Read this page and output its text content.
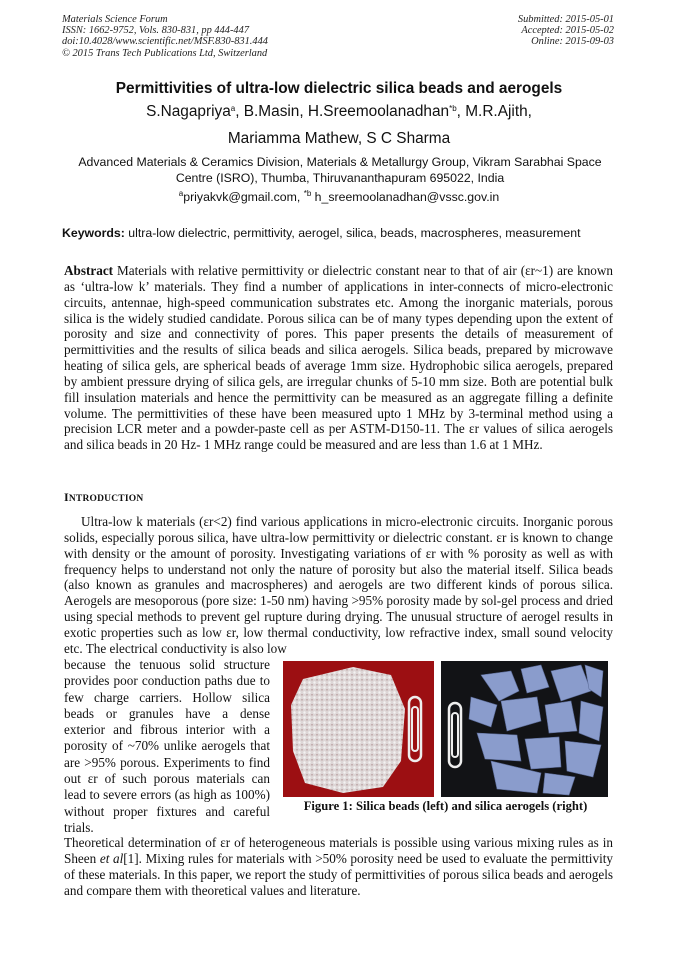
Materials Science Forum
ISSN: 1662-9752, Vols. 830-831, pp 444-447
doi:10.4028/www.scientific.net/MSF.830-831.444
© 2015 Trans Tech Publications Ltd, Switzerland
Submitted: 2015-05-01
Accepted: 2015-05-02
Online: 2015-09-03
Permittivities of ultra-low dielectric silica beads and aerogels
S.Nagapriya$^a$, B.Masin, H.Sreemoolanadhan$^{*b}$, M.R.Ajith,
Mariamma Mathew, S C Sharma
Advanced Materials & Ceramics Division, Materials & Metallurgy Group, Vikram Sarabhai Space Centre (ISRO), Thumba, Thiruvananthapuram 695022, India
$^a$priyakvk@gmail.com, $^{*b}$ h_sreemoolanadhan@vssc.gov.in
Keywords: ultra-low dielectric, permittivity, aerogel, silica, beads, macrospheres, measurement
Abstract Materials with relative permittivity or dielectric constant near to that of air (εr~1) are known as ‘ultra-low k’ materials. They find a number of applications in inter-connects of micro-electronic circuits, antennae, high-speed communication substrates etc. Among the inorganic materials, porous silica is the widely studied candidate. Porous silica can be of many types depending upon the extent of porosity and size and connectivity of pores. This paper presents the details of measurement of permittivities and the results of silica beads and silica aerogels. Silica beads, prepared by microwave heating of silica gels, are spherical beads of average 1mm size. Hydrophobic silica aerogels, prepared by ambient pressure drying of silica gels, are irregular chunks of 5-10 mm size. Both are potential bulk fill insulation materials and hence the permittivity can be measured as an aggregate filling a definite volume. The permittivities of these have been measured upto 1 MHz by 3-terminal method using a precision LCR meter and a powder-paste cell as per ASTM-D150-11. The εr values of silica aerogels and silica beads in 20 Hz- 1 MHz range could be measured and are less than 1.6 at 1 MHz.
INTRODUCTION
Ultra-low k materials (εr<2) find various applications in micro-electronic circuits. Inorganic porous solids, especially porous silica, have ultra-low permittivity or dielectric constant. εr is known to change with density or the amount of porosity. Investigating variations of εr with % porosity as well as with frequency helps to understand not only the nature of porosity but also the material itself. Silica beads (also known as granules and macrospheres) and aerogels are two different kinds of porous silica. Aerogels are mesoporous (pore size: 1-50 nm) having >95% porosity made by sol-gel process and dried using special methods to prevent gel rupture during drying. The unusual structure of aerogel results in exotic properties such as low εr, low thermal conductivity, low refractive index, small sound velocity etc. The electrical conductivity is also low
because the tenuous solid structure provides poor conduction paths due to few charge carriers. Hollow silica beads or granules have a dense exterior and fibrous interior with a porosity of ~70% unlike aerogels that are >95% porous. Experiments to find out εr of such porous materials can lead to severe errors (as high as 100%) without proper fixtures and careful trials.
Figure 1: Silica beads (left) and silica aerogels (right)
Theoretical determination of εr of heterogeneous materials is possible using various mixing rules as in Sheen et al[1]. Mixing rules for materials with >50% porosity need be used to evaluate the permittivity of these materials. In this paper, we report the study of permittivities of porous silica beads and aerogels and compare them with theoretical values and literature.
